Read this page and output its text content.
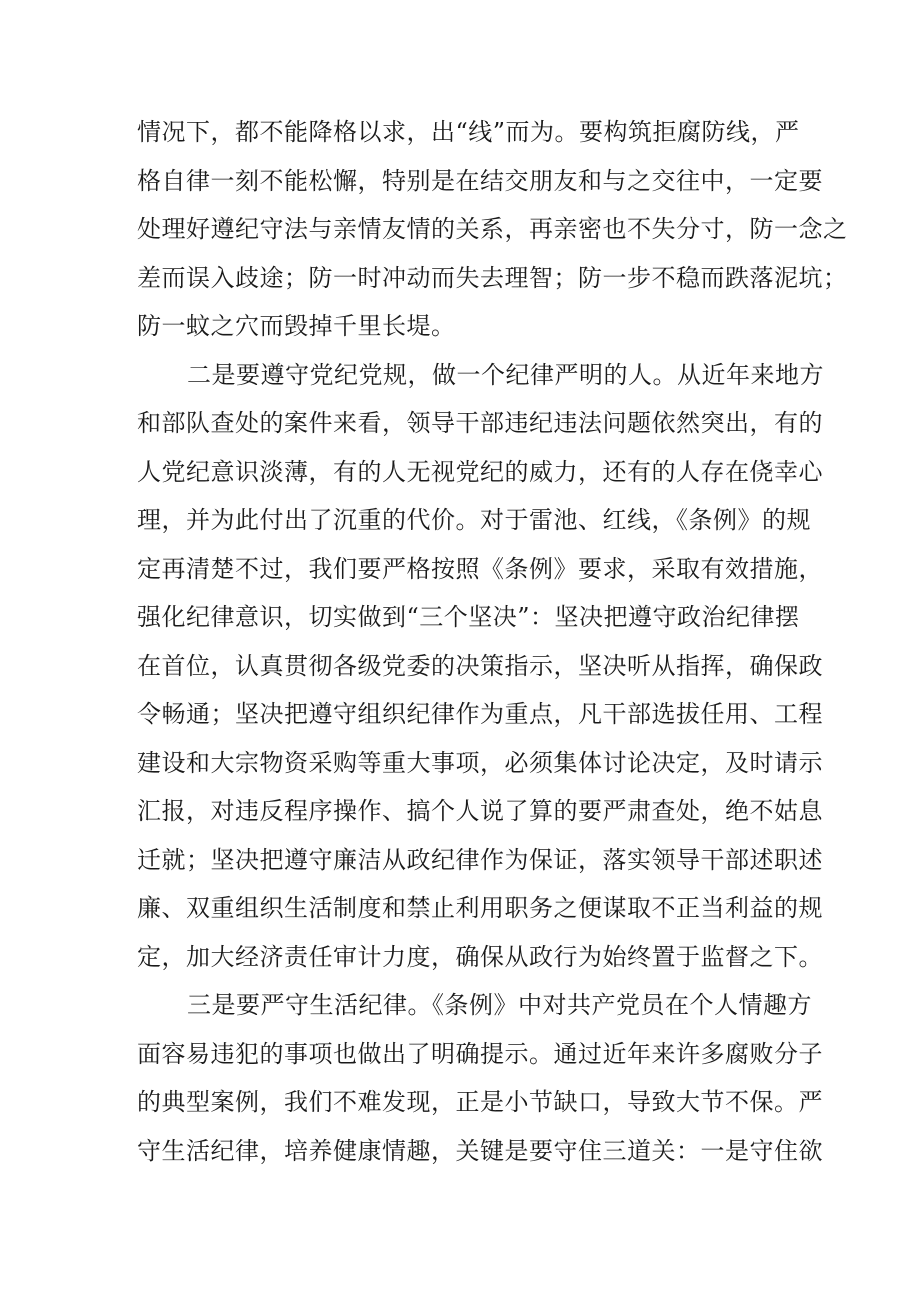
情况下，都不能降格以求，出“线”而为。要构筑拒腐防线，严
格自律一刻不能松懈，特别是在结交朋友和与之交往中，一定要
处理好遵纪守法与亲情友情的关系，再亲密也不失分寸，防一念之
差而误入歧途；防一时冲动而失去理智；防一步不稳而跌落泥坑；
防一蚊之穴而毁掉千里长堤。
二是要遵守党纪党规，做一个纪律严明的人。从近年来地方
和部队查处的案件来看，领导干部违纪违法问题依然突出，有的
人党纪意识淡薄，有的人无视党纪的威力，还有的人存在侥幸心
理，并为此付出了沉重的代价。对于雷池、红线，《条例》的规
定再清楚不过，我们要严格按照《条例》要求，采取有效措施，
强化纪律意识，切实做到“三个坚决”：坚决把遵守政治纪律摆
在首位，认真贯彻各级党委的决策指示，坚决听从指挥，确保政
令畅通；坚决把遵守组织纪律作为重点，凡干部选拔任用、工程
建设和大宗物资采购等重大事项，必须集体讨论决定，及时请示
汇报，对违反程序操作、搞个人说了算的要严肃查处，绝不姑息
迁就；坚决把遵守廉洁从政纪律作为保证，落实领导干部述职述
廉、双重组织生活制度和禁止利用职务之便谋取不正当利益的规
定，加大经济责任审计力度，确保从政行为始终置于监督之下。
三是要严守生活纪律。《条例》中对共产党员在个人情趣方
面容易违犯的事项也做出了明确提示。通过近年来许多腐败分子
的典型案例，我们不难发现，正是小节缺口，导致大节不保。严
守生活纪律，培养健康情趣，关键是要守住三道关：一是守住欲
